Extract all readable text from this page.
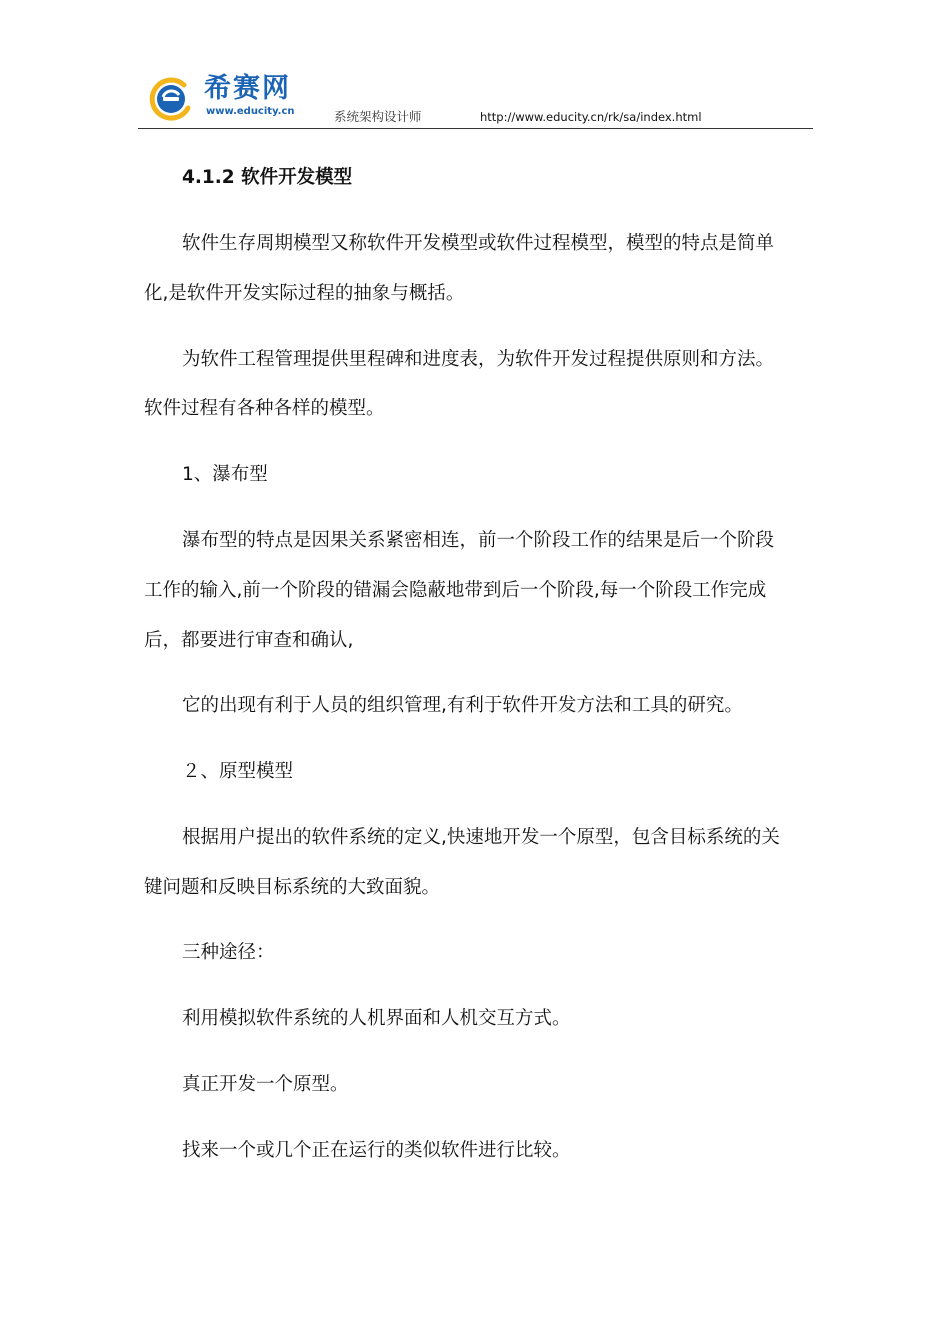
希赛网
www.educity.cn	系统架构设计师	http://www.educity.cn/rk/sa/index.html
4.1.2 软件开发模型
软件生存周期模型又称软件开发模型或软件过程模型，模型的特点是简单
化,是软件开发实际过程的抽象与概括。
为软件工程管理提供里程碑和进度表，为软件开发过程提供原则和方法。
软件过程有各种各样的模型。
1、瀑布型
瀑布型的特点是因果关系紧密相连，前一个阶段工作的结果是后一个阶段
工作的输入,前一个阶段的错漏会隐蔽地带到后一个阶段,每一个阶段工作完成
后，都要进行审查和确认,
它的出现有利于人员的组织管理,有利于软件开发方法和工具的研究。
２、原型模型
根据用户提出的软件系统的定义,快速地开发一个原型，包含目标系统的关
键问题和反映目标系统的大致面貌。
三种途径：
利用模拟软件系统的人机界面和人机交互方式。
真正开发一个原型。
找来一个或几个正在运行的类似软件进行比较。
